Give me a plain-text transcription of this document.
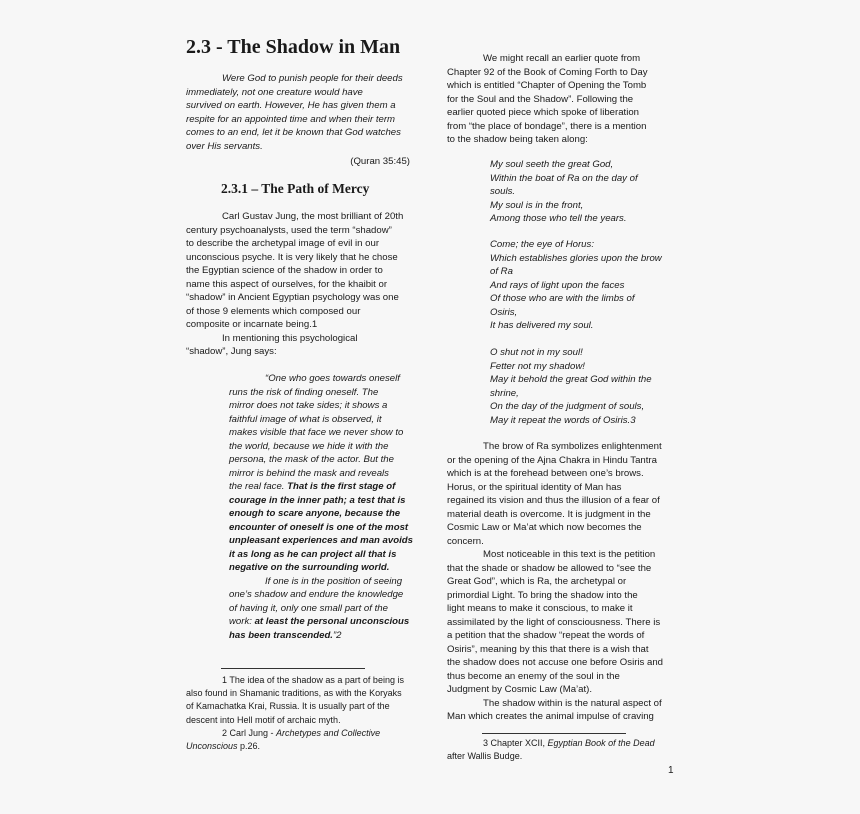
2.3 - The Shadow in Man
Were God to punish people for their deeds
immediately, not one creature would have
survived on earth. However, He has given them a
respite for an appointed time and when their term
comes to an end, let it be known that God watches
over His servants.
(Quran 35:45)
2.3.1 – The Path of Mercy
Carl Gustav Jung, the most brilliant of 20th
century psychoanalysts, used the term “shadow”
to describe the archetypal image of evil in our
unconscious psyche. It is very likely that he chose
the Egyptian science of the shadow in order to
name this aspect of ourselves, for the khaibit or
“shadow” in Ancient Egyptian psychology was one
of those 9 elements which composed our
composite or incarnate being.1
In mentioning this psychological
“shadow”, Jung says:
“One who goes towards oneself
runs the risk of finding oneself. The
mirror does not take sides; it shows a
faithful image of what is observed, it
makes visible that face we never show to
the world, because we hide it with the
persona, the mask of the actor. But the
mirror is behind the mask and reveals
the real face. That is the first stage of
courage in the inner path; a test that is
enough to scare anyone, because the
encounter of oneself is one of the most
unpleasant experiences and man avoids
it as long as he can project all that is
negative on the surrounding world.
If one is in the position of seeing
one’s shadow and endure the knowledge
of having it, only one small part of the
work: at least the personal unconscious
has been transcended.”2
1 The idea of the shadow as a part of being is
also found in Shamanic traditions, as with the Koryaks
of Kamachatka Krai, Russia. It is usually part of the
descent into Hell motif of archaic myth.
2 Carl Jung - Archetypes and Collective Unconscious p.26.
We might recall an earlier quote from
Chapter 92 of the Book of Coming Forth to Day
which is entitled “Chapter of Opening the Tomb
for the Soul and the Shadow”. Following the
earlier quoted piece which spoke of liberation
from “the place of bondage”, there is a mention
to the shadow being taken along:
My soul seeth the great God,
Within the boat of Ra on the day of
souls.
My soul is in the front,
Among those who tell the years.
Come; the eye of Horus:
Which establishes glories upon the brow
of Ra
And rays of light upon the faces
Of those who are with the limbs of
Osiris,
It has delivered my soul.
O shut not in my soul!
Fetter not my shadow!
May it behold the great God within the
shrine,
On the day of the judgment of souls,
May it repeat the words of Osiris.3
The brow of Ra symbolizes enlightenment
or the opening of the Ajna Chakra in Hindu Tantra
which is at the forehead between one’s brows.
Horus, or the spiritual identity of Man has
regained its vision and thus the illusion of a fear of
material death is overcome. It is judgment in the
Cosmic Law or Ma’at which now becomes the
concern.
Most noticeable in this text is the petition
that the shade or shadow be allowed to “see the
Great God”, which is Ra, the archetypal or
primordial Light. To bring the shadow into the
light means to make it conscious, to make it
assimilated by the light of consciousness. There is
a petition that the shadow “repeat the words of
Osiris”, meaning by this that there is a wish that
the shadow does not accuse one before Osiris and
thus become an enemy of the soul in the
Judgment by Cosmic Law (Ma’at).
The shadow within is the natural aspect of
Man which creates the animal impulse of craving
3 Chapter XCII, Egyptian Book of the Dead after Wallis Budge.
1
